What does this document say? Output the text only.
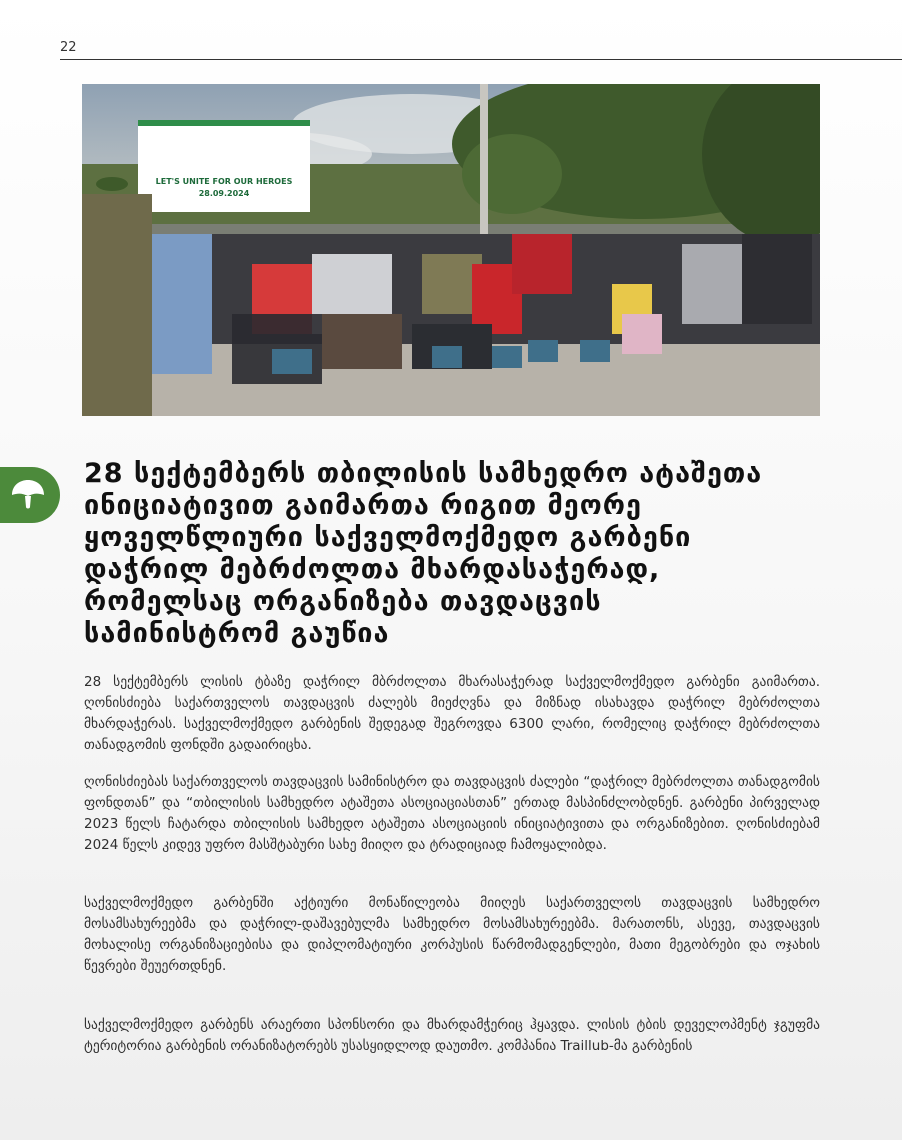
22
LET'S UNITE FOR OUR HEROES
28.09.2024
28 სექტემბერს თბილისის სამხედრო ატაშეთა ინიციატივით გაიმართა რიგით მეორე ყოველწლიური საქველმოქმედო გარბენი დაჭრილ მებრძოლთა მხარდასაჭერად, რომელსაც ორგანიზება თავდაცვის სამინისტრომ გაუწია

28 სექტემბერს ლისის ტბაზე დაჭრილ მბრძოლთა მხარასაჭერად საქველმოქმედო გარბენი გაიმართა. ღონისძიება საქართველოს თავდაცვის ძალებს მიეძღვნა და მიზნად ისახავდა დაჭრილ მებრძოლთა მხარდაჭერას. საქველმოქმედო გარბენის შედეგად შეგროვდა 6300 ლარი, რომელიც დაჭრილ მებრძოლთა თანადგომის ფონდში გადაირიცხა.

ღონისძიებას საქართველოს თავდაცვის სამინისტრო და თავდაცვის ძალები “დაჭრილ მებრძოლთა თანადგომის ფონდთან” და “თბილისის სამხედრო ატაშეთა ასოციაციასთან” ერთად მასპინძლობდნენ. გარბენი პირველად 2023 წელს ჩატარდა თბილისის სამხედო ატაშეთა ასოციაციის ინიციატივითა და ორგანიზებით. ღონისძიებამ 2024 წელს კიდევ უფრო მასშტაბური სახე მიიღო და ტრადიციად ჩამოყალიბდა.

საქველმოქმედო გარბენში აქტიური მონაწილეობა მიიღეს საქართველოს თავდაცვის სამხედრო მოსამსახურეებმა და დაჭრილ-დაშავებულმა სამხედრო მოსამსახურეებმა. მარათონს, ასევე, თავდაცვის მოხალისე ორგანიზაციებისა და დიპლომატიური კორპუსის წარმომადგენლები, მათი მეგობრები და ოჯახის წევრები შეუერთდნენ.

საქველმოქმედო გარბენს არაერთი სპონსორი და მხარდამჭერიც ჰყავდა. ლისის ტბის დეველოპმენტ ჯგუფმა ტერიტორია გარბენის ორანიზატორებს უსასყიდლოდ დაუთმო. კომპანია Traillub-მა გარბენის
